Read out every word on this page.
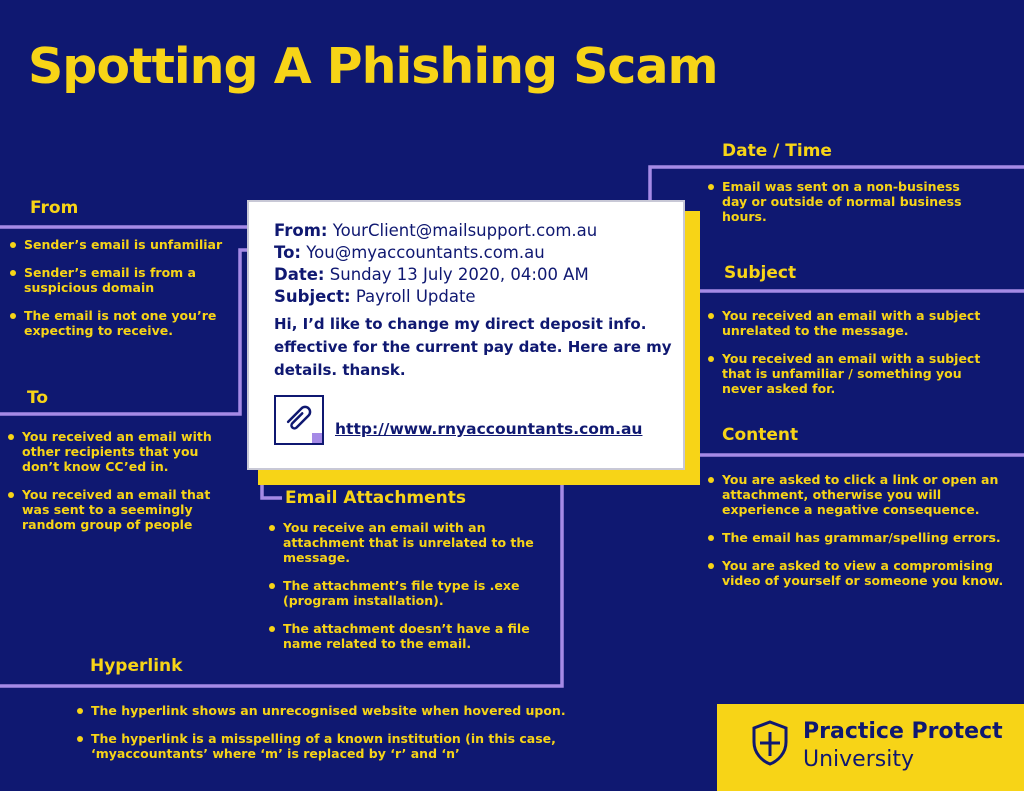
Spotting A Phishing Scam
From
Sender’s email is unfamiliar
Sender’s email is from a suspicious domain
The email is not one you’re expecting to receive.
To
You received an email with other recipients that you don’t know CC’ed in.
You received an email that was sent to a seemingly random group of people
Date / Time
Email was sent on a non-business day or outside of normal business hours.
Subject
You received an email with a subject unrelated to the message.
You received an email with a subject that is unfamiliar / something you never asked for.
Content
You are asked to click a link or open an attachment, otherwise you will experience a negative consequence.
The email has grammar/spelling errors.
You are asked to view a compromising video of yourself or someone you know.
Email Attachments
You receive an email with an attachment that is unrelated to the message.
The attachment’s file type is .exe (program installation).
The attachment doesn’t have a file name related to the email.
Hyperlink
The hyperlink shows an unrecognised website when hovered upon.
The hyperlink is a misspelling of a known institution (in this case, ‘myaccountants’ where ‘m’ is replaced by ‘r’ and ‘n’
From: YourClient@mailsupport.com.au
To: You@myaccountants.com.au
Date: Sunday 13 July 2020, 04:00 AM
Subject: Payroll Update
Hi, I’d like to change my direct deposit info. effective for the current pay date. Here are my details. thansk.
http://www.rnyaccountants.com.au
Practice Protect
University
